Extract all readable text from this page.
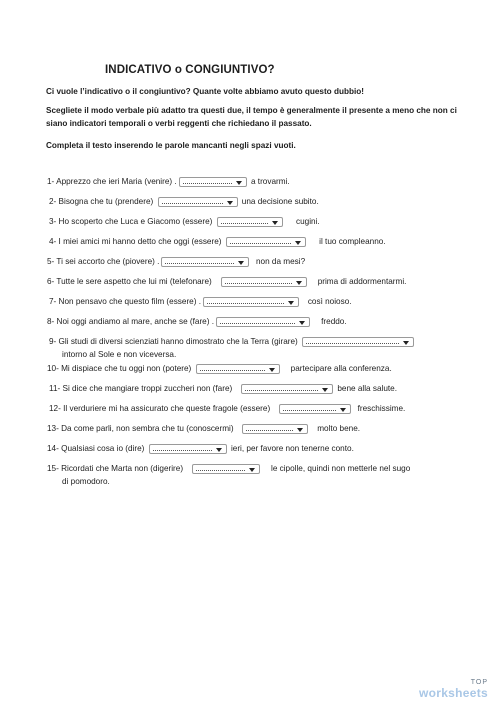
INDICATIVO o CONGIUNTIVO?
Ci vuole l’indicativo o il congiuntivo? Quante volte abbiamo avuto questo dubbio!
Scegliete il modo verbale più adatto tra questi due, il tempo è generalmente il presente a meno che non ci siano indicatori temporali o verbi reggenti che richiedano il passato.
Completa il testo inserendo le parole mancanti negli spazi vuoti.
1- Apprezzo che ieri Maria (venire) .	a trovarmi.
2- Bisogna che tu (prendere)	una decisione subito.
3- Ho scoperto che Luca e Giacomo (essere)	cugini.
4- I miei amici mi hanno detto che oggi (essere)	il tuo compleanno.
5- Ti sei accorto che (piovere) .	non da mesi?
6- Tutte le sere aspetto che lui mi (telefonare)	prima di addormentarmi.
7- Non pensavo che questo film (essere) .	così noioso.
8- Noi oggi andiamo al mare, anche se (fare) .	freddo.
9- Gli studi di diversi scienziati hanno dimostrato che la Terra (girare)
intorno al Sole e non viceversa.
10- Mi dispiace che tu oggi non (potere)	partecipare alla conferenza.
11- Si dice che mangiare troppi zuccheri non (fare)	bene alla salute.
12- Il verduriere mi ha assicurato che queste fragole (essere)	freschissime.
13- Da come parli, non sembra che tu (conoscermi)	molto bene.
14- Qualsiasi cosa io (dire)	ieri, per favore non tenerne conto.
15- Ricordati che Marta non (digerire)	le cipolle, quindi non metterle nel sugo
di pomodoro.
TOP
worksheets
